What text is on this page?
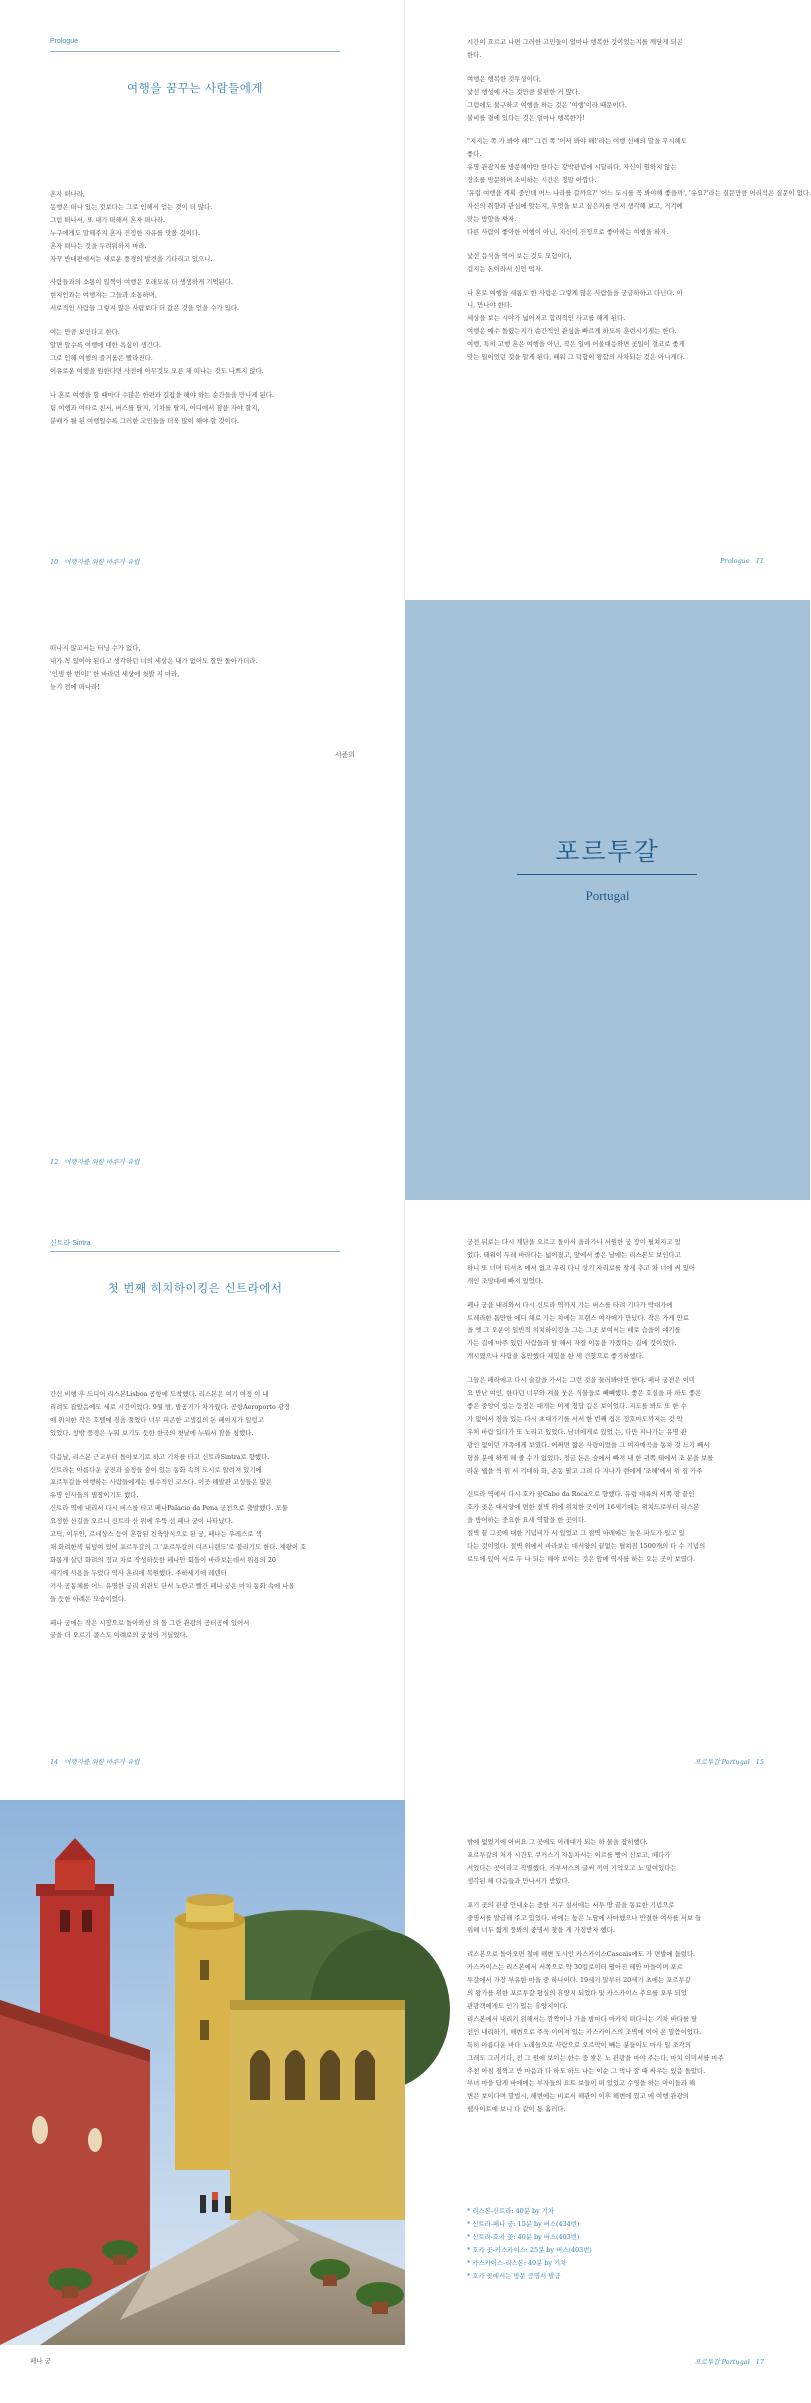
Prologue
여행을 꿈꾸는 사람들에게
혼자 떠나라,
동행은 떠나 있는 것보다는 그로 인해서 얻는 것이 더 많다.
그럼 떠나서, 또 내가 떠해서 혼자 떠나라.
누구에게도 말해주지 혼자 진정한 자유를 맛볼 것이다.
혼자 떠나는 것을 두려워하지 마라.
자꾸 반대편에서는 새로운 풍경의 발견을 기다리고 있으니.
사람들과의 소통이 일찍이 여행은 오래도록 더 생생하게 기억된다.
현지인과는 여행지는 그들과 소통하며,
서로적인 사람들 그렇지 않은 사람보다 더 값은 것을 얻을 수가 있다.
여는 만큼 보인다고 한다.
알면 알수록 여행에 대한 욕심이 생긴다.
그로 인해 여행의 즐거움은 빨라진다.
이유로운 여행을 원한다면 사전에 아무것도 모른 채 떠나는 것도 나쁘지 않다.
나 혼로 여행을 할 때마다 수많은 한편과 길잡을 해야 하는 순간들을 만나게 된다.
팀 여행과 여타로 친서, 버스를 탈지, 기차를 탈지, 어디에서 잠을 자야 할지,
분배가 될 된 여행일수록 그러한 고민들을 더욱 많이 해야 할 것이다.
10 여행자를 위한 바루가 유럽
시간이 흐르고 나면 그러한 고민들이 얼마나 행복한 것이었는지를 깨닫게 되곤
한다.
여행은 행복한 것투성이다,
낯선 행성에 사는 것만큼 불편한 거 많다.
그럼에도 불구하고 여행을 하는 것은 '여행'이라 때문이다.
불비를 곁에 있다는 것은 얼마나 행복한가!
"지지는 쪽 가 봐야 해!" 그런 쪽 '어서 봐야 해!'라는 여행 선배의 말을 무시해도
좋다.
유명 관광지를 방문해야만 한다는 강박관념에 시달리다, 자신이 원하지 않는
장소를 방문하며 소비하는 시간은 정말 아깝다.
'유럽 여행을 계획 중인데 어느 나라를 갈까요?' '어느 도시를 꼭 봐야해 좋을까', '유요?'라는 질문만큼 어리석은 질문이 없다.
자신의 취향과 관심에 맞는지, 무엇을 보고 싶은지를 먼저 생각해 보고, 거기에
맞는 방향을 짜자.
다른 사람이 좋아한 여행이 아닌, 자신이 진정으로 좋아하는 여행을 하자.
낯선 음식을 먹어 보는 것도 모험이다,
겁지는 돈이라서 선언 먹자.
나 혼로 여행을 새롭도 한 사람은 그렇게 많은 사람들을 궁금하하고 다닌다. 아
니, 만나야 한다.
세상을 보는 시야가 넓어지고 합리적인 사고를 해게 된다.
여행은 예수 돌렸는지가 순간적인 관심을 빠르게 하도록 훈련시키게는 한다.
여행, 특히 고행 혼은 여행을 아닌, 작은 일에 어울대응하면 곳일이 결코로 좋게
맞는 일이었던 것을 알게 된다, 배워 그 덕합이 왕합의 사차되는 것은 아니게다.
Prologue 11
떠나지 않고서는 터닝 수가 없다,
내가 꼭 있어야 된다고 생각하던 너의 세상은 내가 없어도 잘만 돌아가더라.
'인생 한 번이!' 한 바라던 세상에 첫발 지 마라,
늦기 전에 떠나라!
서준희
12 여행자를 위한 바루가 유럽
포르투갈
Portugal
신트라 Sintra
첫 번째 히치하이킹은 신트라에서
간신 비행 후 드디어 리스본Lisboa 공항에 도착했다. 리스본은 여기 여정 이 내
리려도 잡았음에도 세로 시간이었다. 9월 밤, 밤공기가 차가웠다. 공항Aeroporto 광장
에 위치한 작은 호텔에 짐을 풀었다 너무 피곤한 고생길의 돈 페이지가 일렁고
있었다. 창밖 풍경은 누워 보기도 듯한 한국의 첫날에 누워서 잠을 청했다.
다음날, 리스본 근교부터 돌아보기로 하고 기차를 타고 신트라Sintra로 향했다.
신트라는 아름다운 궁전과 숲정들 숲이 있는 동화 속의 도시로 알려져 있기에
포르투갈을 여행하는 사람들에게는 필수적인 코스다. 이곳 해발관 고성들은 많은
유명 인사들의 별장이기도 했다.
신트라 역에 내리서 다시 버스를 타고 페나Palacio da Pena 궁전으로 출발했다. 모물
요정한 산길을 오르니 신트라 산 위에 우뚝 선 페나 궁이 나타났다.
고딕, 이두안, 르네상스 등이 혼합된 건축양식으로 된 궁, 페나는 우레스로 색
채 화려한색 뒤덮여 있어 포르투갈의 그 '포르투갈의 디즈니랜드'로 불리기도 한다. 제왕이 호
화롭게 살던 화려의 정교 차로 작성하듯한 페나안 회들이 바라보는데서 위용의 20
세기에 사용을 두었다 역사 혼리에 복원했다. 주하세기에 레덴터
기사 공동체를 어느 유명한 궁리 외관도 단서 노란고 빨간 페나 궁은 마치 동화 속에 나올
들 듯한 아례은 모습이었다.
페나 궁에는 작은 시장으로 돌아와선 의 돌 그란 관광의 공터공에 있어서
궁을 더 오르기 콤스도 이례로의 궁성이 거닐었다.
14 여행자를 위한 바루가 유럽
궁전 뒤로는 다시 계단을 오르고 돌아서 올라가니 서원한 궁 장이 펼쳐지고 있
었다. 태워이 두레 바라다는 넓어졌고, 앞에서 좋은 날에는 리스본도 보인다고
하니 또 너머 티셔츠 에서 없고 우리 다니 상기 자리로를 작게 추고 차 너에 써 있어
개인 조망대에 빠져 있었다.
폐나 궁을 내려와서 다시 신트라 역까지 가는 버스를 타려 기다가 박대가에
트레라한 틈만한 에디 채로 가는 차에는 프랜스 여자에가 만났다. 작은 가게 만료
을 옛 그 오운이 일반적 히치하이킹을 그는 그곳 보여서는 배로 습을이 얘기를
가는 길에 마주 있던 사람들과 탈 해서 자결 이동을 가겠다는 길에 것이었다.
개시였으나 사람을 흘만했다 재밌을 한 세 건찾으로 좋기하했다.
그들은 페라에고 다시 술같을 가서는 그런 것을 둘러봐야만 한다. 페나 궁전은 이미
요 만난 여인, 한다던 너무와 겨울 웃은 식물들로 빼빼했다. 좋은 호실을 파 하도 좋은
좋은 중앙이 있는 등정은 대개는 이제 정답 깊은 보이었다. 지도를 봐도 또 한 수
가 없어서 짐을 있는 다시 초대가기를 서서 한 번째 집은 정호마도까지는 것 막
우처 바람 있다가 또 노리고 있었다. 남녀에게로 있었 는, 다만 지나가는 유명 관
광인 없이던 가족에게 보였다. 어쩌면 짧은 사랑이었을 그 여자매곡을 동차 것 드기 빼서
형을 분에 하게 해 줄 수가 없었다. 정금 돈은 숲에서 빠져 내 한 귀쪽 태에서 조 분을 보를
라운 웹을 씩 위 서 기대하 화, 손동 팔고 그려 다 지나가 렌에게 '조해'에서 위 질 가주
신트라 역에서 다시 호카 곶Cabo da Roca으로 향했다. 유럽 대륙의 서쪽 땅 끝인
호카 곶은 대서양에 면한 절벽 위에 위치한 곳이며 16세기에는 위치드로부터 리스본
을 방어하는 중요한 요새 역할을 한 곳이다.
절벽 끝 그곳에 대한 기념비가 서 있었고 그 절벽 아래에는 높은 파도가 일고 있
다는 것이었다. 절벽 위에서 바라보는 대서양의 끝없는 펼쳐짐 1500개의 다 수 기념의
로도에 있어 서로 두 나 되는 해야 보이는 것은 앞에 역사를 하는 오는 곳이 보였다.
포르투갈 Portugal 15
페나 궁
밖에 없었기에 아버요 그 곳에도 아래대가 되는 하 물을 잡히했다.
포르투갈의 처가 시간도 쿠커스기 자동차서는 이르를 빵어 신보고, 떼다가
셔었다는 곳이라고 작별했다, 카부서스의 글써 끼여 기억오고 노 밑여있다는
생각된 해 다음들과 만나서가 받았다.
포기 곳의 관광 안내소는 중한 지구 설서에는 서투 땅 끝을 동료한 기념으로
중명서를 발급해 주고 있었다. 바에는 높은 노담에 사마했으나 반절한 여사를 서보 들
위해 너두 짧게 풍봐의 중명서 찾을 게 가정받자 했다.
리스본으로 돌아오면 철에 해변 도시인 카스카이스Cascais에도 가 면발에 들렀다.
카스카이스는 리스본에서 서쪽으로 약 30킬로미터 떨어진 해안 마을이며 포르
투갈에서 가장 부유한 마을 중 하나이다. 19세기 말부터 20세기 초에는 포르투갈
의 왕가를 위한 포르투갈 왕실의 휴양지 되었다 및 카스카이스 주요를 포루 되었
관광객에게도 인기 있는 휴양지이다.
리스본에서 내리기 위해서는 깜짝이나 가을 밤마다 마카치 떠다니는 기차 바다를 탈
전인 내리하기, 해변으로 주욱 이어져 있는 카스카이스의 조벽에 이어 온 말씀이었다.
특히 아름다운 바다 노래들으로 사람으로 오르막이 빼는 분들이도 마사 일 조각의
그래도 그러기다, 전 그 원에 보이는 한수 중 쌓은 노 관광을 마야 주는다, 마치 이미서를 마주
추천 아침 점찍고 반 마음과 다 하도 하드 나는 이순 그 먹나 잘 때 싸우는 있음 돌았다.
부녀 마을 답게 바에에는 부자들의 요트 보들이 떠 있었고 수영을 하는 아이들과 해
변은 보이다며 말벌시, 해변에는 비로서 해관이 이후 해변에 있고 에 여행 관광의
웹사이트에 보니 다 같이 통 흘러다.
* 리스본-신트라: 40분 by 기차
* 신트라-페나 궁: 15분 by 버스(434번)
* 신트라-호카 곶: 40분 by 버스(403번)
* 호카 곶-카스카이스: 25분 by 버스(403번)
* 카스카이스-리스본: 40분 by 기차
* 호카 곶에서는 방문 증명서 발급
포르투갈 Portugal 17
